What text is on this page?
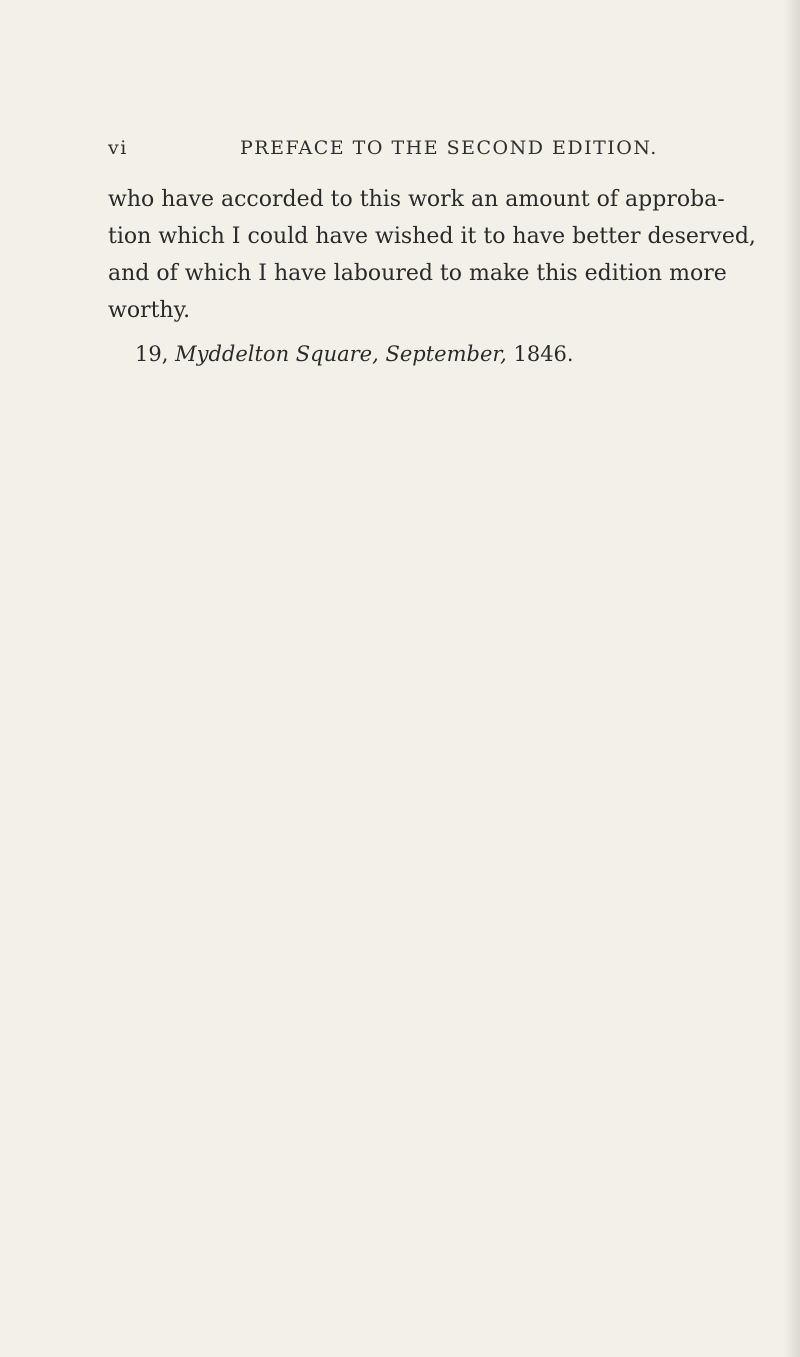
vi	PREFACE TO THE SECOND EDITION.
who have accorded to this work an amount of approba-
tion which I could have wished it to have better deserved,
and of which I have laboured to make this edition more
worthy.
19, Myddelton Square, September, 1846.
